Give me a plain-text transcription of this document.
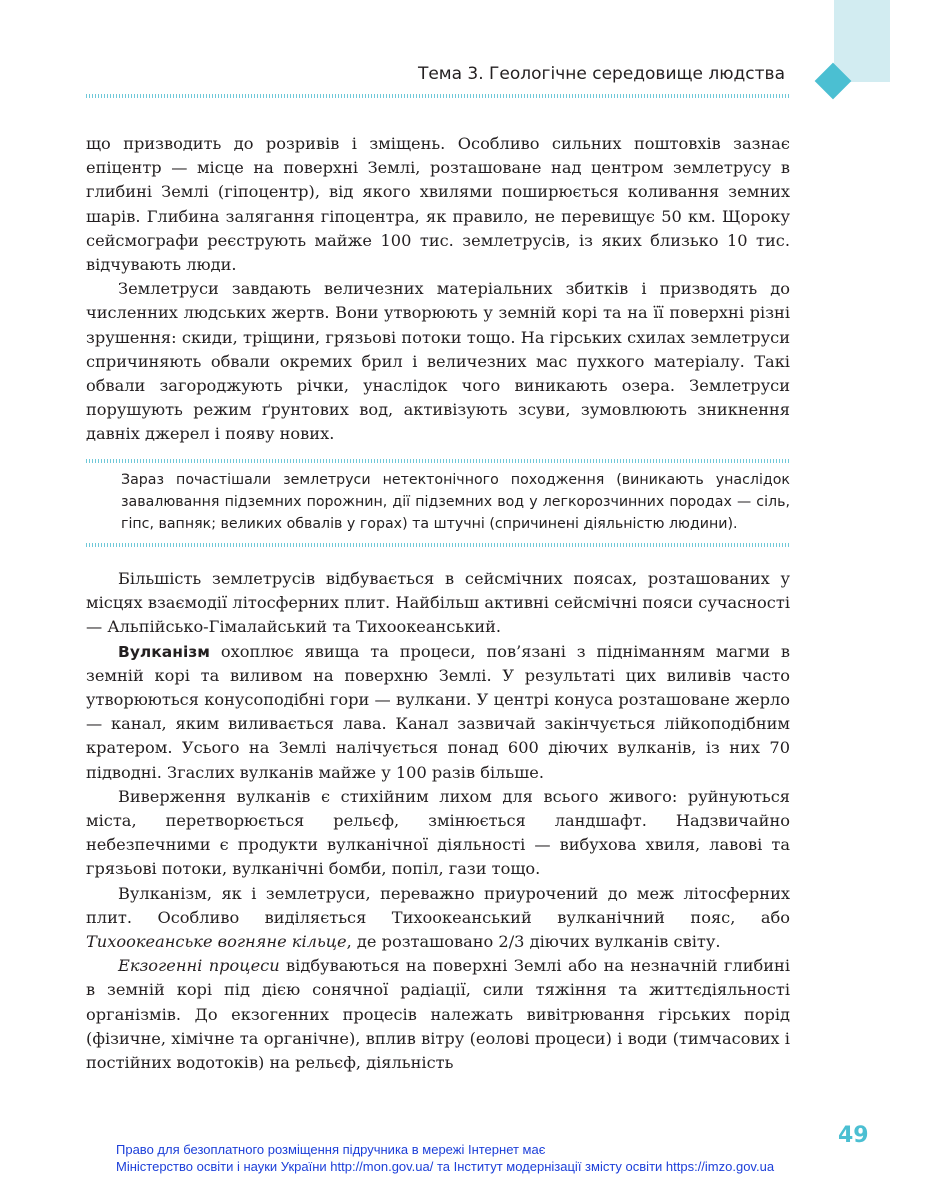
Тема 3. Геологічне середовище людства

що призводить до розривів і зміщень. Особливо сильних поштовхів зазнає епіцентр — місце на поверхні Землі, розташоване над центром землетрусу в глибині Землі (гіпоцентр), від якого хвилями поширюється коливання земних шарів. Глибина залягання гіпоцентра, як правило, не перевищує 50 км. Щороку сейсмографи реєструють майже 100 тис. землетрусів, із яких близько 10 тис. відчувають люди.

Землетруси завдають величезних матеріальних збитків і призводять до численних людських жертв. Вони утворюють у земній корі та на її поверхні різні зрушення: скиди, тріщини, грязьові потоки тощо. На гірських схилах землетруси спричиняють обвали окремих брил і величезних мас пухкого матеріалу. Такі обвали загороджують річки, унаслідок чого виникають озера. Землетруси порушують режим ґрунтових вод, активізують зсуви, зумовлюють зникнення давніх джерел і появу нових.

Зараз почастішали землетруси нетектонічного походження (виникають унаслідок завалювання підземних порожнин, дії підземних вод у легкорозчинних породах — сіль, гіпс, вапняк; великих обвалів у горах) та штучні (спричинені діяльністю людини).

Більшість землетрусів відбувається в сейсмічних поясах, розташованих у місцях взаємодії літосферних плит. Найбільш активні сейсмічні пояси сучасності — Альпійсько-Гімалайський та Тихоокеанський.

Вулканізм охоплює явища та процеси, пов’язані з підніманням магми в земній корі та виливом на поверхню Землі. У результаті цих виливів часто утворюються конусоподібні гори — вулкани. У центрі конуса розташоване жерло — канал, яким виливається лава. Канал зазвичай закінчується лійкоподібним кратером. Усього на Землі налічується понад 600 діючих вулканів, із них 70 підводні. Згаслих вулканів майже у 100 разів більше.

Виверження вулканів є стихійним лихом для всього живого: руйнуються міста, перетворюється рельєф, змінюється ландшафт. Надзвичайно небезпечними є продукти вулканічної діяльності — вибухова хвиля, лавові та грязьові потоки, вулканічні бомби, попіл, гази тощо.

Вулканізм, як і землетруси, переважно приурочений до меж літосферних плит. Особливо виділяється Тихоокеанський вулканічний пояс, або Тихоокеанське вогняне кільце, де розташовано 2/3 діючих вулканів світу.

Екзогенні процеси відбуваються на поверхні Землі або на незначній глибині в земній корі під дією сонячної радіації, сили тяжіння та життєдіяльності організмів. До екзогенних процесів належать вивітрювання гірських порід (фізичне, хімічне та органічне), вплив вітру (еолові процеси) і води (тимчасових і постійних водотоків) на рельєф, діяльність

49
Право для безоплатного розміщення підручника в мережі Інтернет має
Міністерство освіти і науки України http://mon.gov.ua/ та Інститут модернізації змісту освіти https://imzo.gov.ua
